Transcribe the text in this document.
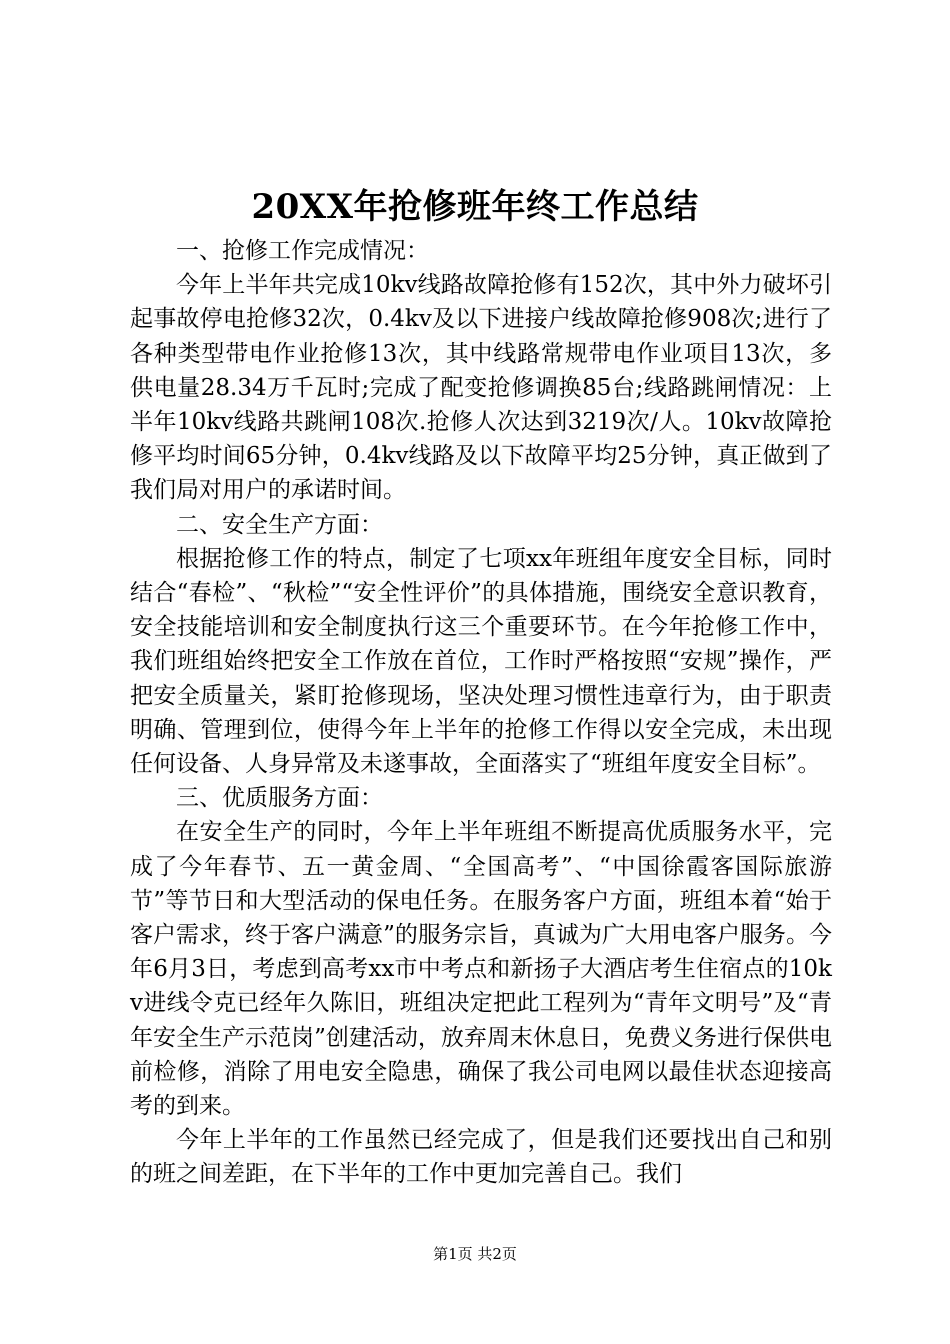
20XX年抢修班年终工作总结

一、抢修工作完成情况：

今年上半年共完成10kv线路故障抢修有152次，其中外力破坏引起事故停电抢修32次，0.4kv及以下进接户线故障抢修908次;进行了各种类型带电作业抢修13次，其中线路常规带电作业项目13次，多供电量28.34万千瓦时;完成了配变抢修调换85台;线路跳闸情况：上半年10kv线路共跳闸108次.抢修人次达到3219次/人。10kv故障抢修平均时间65分钟，0.4kv线路及以下故障平均25分钟，真正做到了我们局对用户的承诺时间。

二、安全生产方面：

根据抢修工作的特点，制定了七项xx年班组年度安全目标，同时结合“春检”、“秋检”“安全性评价”的具体措施，围绕安全意识教育，安全技能培训和安全制度执行这三个重要环节。在今年抢修工作中，我们班组始终把安全工作放在首位，工作时严格按照“安规”操作，严把安全质量关，紧盯抢修现场，坚决处理习惯性违章行为，由于职责明确、管理到位，使得今年上半年的抢修工作得以安全完成，未出现任何设备、人身异常及未遂事故，全面落实了“班组年度安全目标”。

三、优质服务方面：

在安全生产的同时，今年上半年班组不断提高优质服务水平，完成了今年春节、五一黄金周、“全国高考”、“中国徐霞客国际旅游节”等节日和大型活动的保电任务。在服务客户方面，班组本着“始于客户需求，终于客户满意”的服务宗旨，真诚为广大用电客户服务。今年6月3日，考虑到高考xx市中考点和新扬子大酒店考生住宿点的10kv进线令克已经年久陈旧，班组决定把此工程列为“青年文明号”及“青年安全生产示范岗”创建活动，放弃周末休息日，免费义务进行保供电前检修，消除了用电安全隐患，确保了我公司电网以最佳状态迎接高考的到来。

今年上半年的工作虽然已经完成了，但是我们还要找出自己和别的班之间差距，在下半年的工作中更加完善自己。我们

第1页 共2页
